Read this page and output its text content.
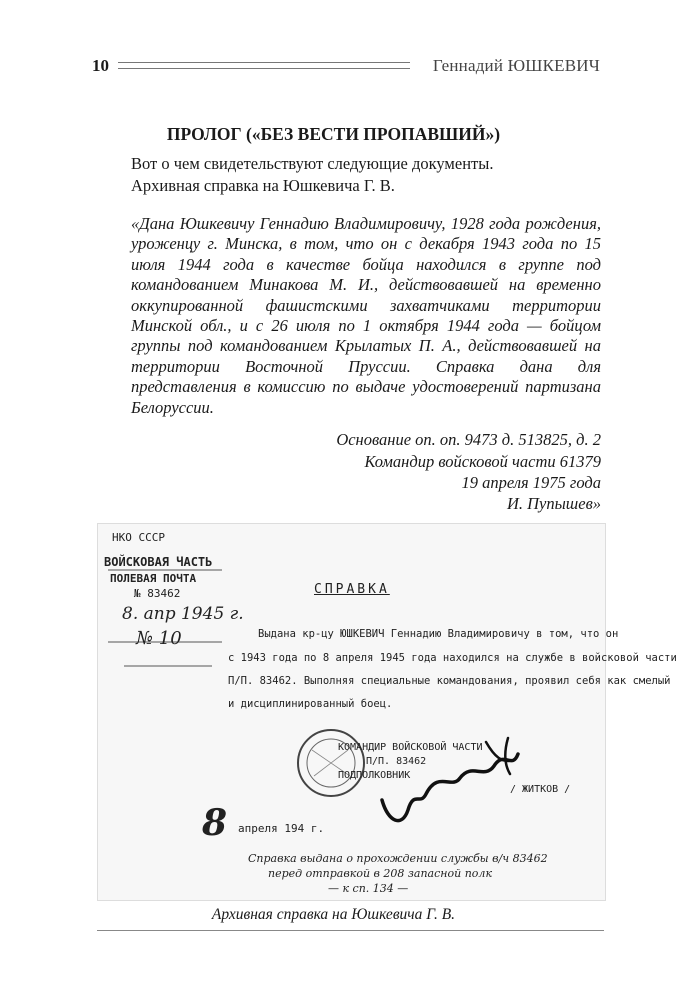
10	Геннадий ЮШКЕВИЧ
ПРОЛОГ («БЕЗ ВЕСТИ ПРОПАВШИЙ»)
Вот о чем свидетельствуют следующие документы.
Архивная справка на Юшкевича Г. В.
«Дана Юшкевичу Геннадию Владимировичу, 1928 года рождения, уроженцу г. Минска, в том, что он с декабря 1943 года по 15 июля 1944 года в качестве бойца находился в группе под командованием Минакова М. И., действовавшей на временно оккупированной фашистскими захватчиками территории Минской обл., и с 26 июля по 1 октября 1944 года — бойцом группы под командованием Крылатых П. А., действовавшей на территории Восточной Пруссии. Справка дана для представления в комиссию по выдаче удостоверений партизана Белоруссии.
Основание оп. оп. 9473 д. 513825, д. 2
Командир войсковой части 61379
19 апреля 1975 года
И. Пупышев»
НКО СССР
ВОЙСКОВАЯ ЧАСТЬ
ПОЛЕВАЯ ПОЧТА
№ 83462
8. апр 1945 г.
№ 10
СПРАВКА
Выдана кр-цу ЮШКЕВИЧ Геннадию Владимировичу в том, что он
с 1943 года по 8 апреля 1945 года находился на службе в войсковой части
П/П. 83462. Выполняя специальные командования, проявил себя как смелый
и дисциплинированный боец.
КОМАНДИР ВОЙСКОВОЙ ЧАСТИ
П/П. 83462
ПОДПОЛКОВНИК
/ ЖИТКОВ /
8 апреля 194 г.
Справка выдана о прохождении службы в/ч 83462
перед отправкой в 208 запасной полк
— к сп. 134 —
Архивная справка на Юшкевича Г. В.
